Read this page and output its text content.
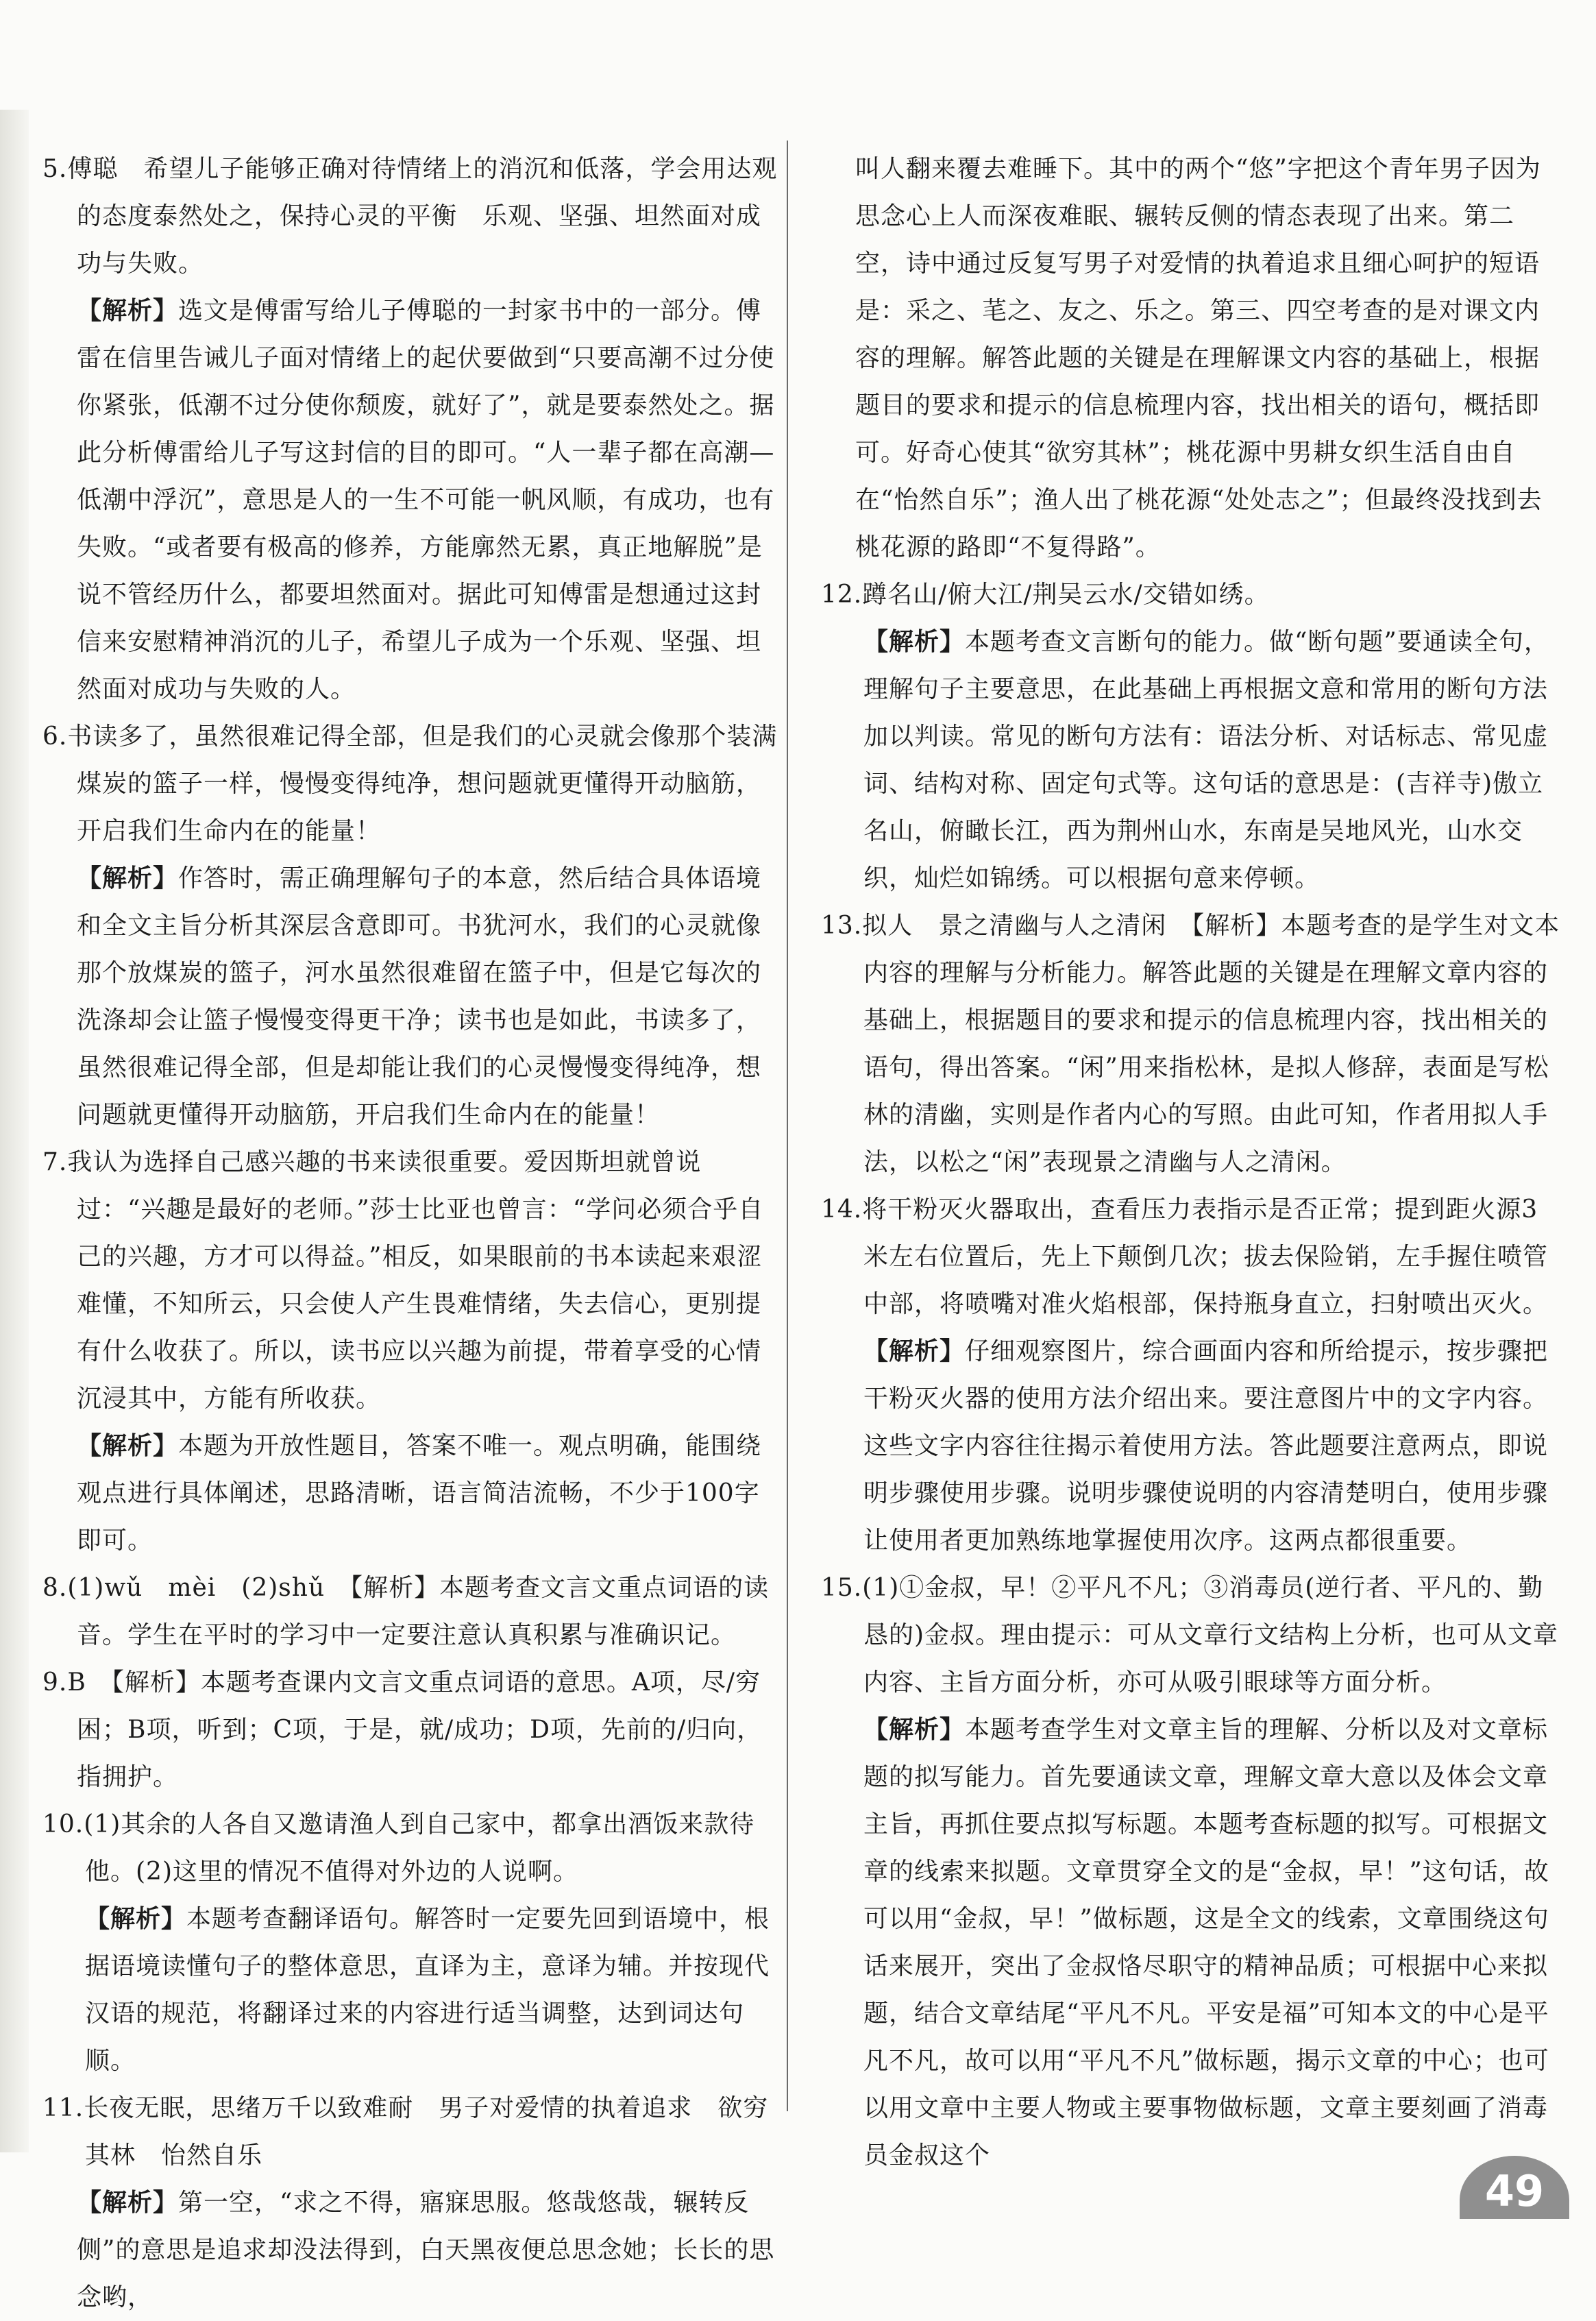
5.傅聪　希望儿子能够正确对待情绪上的消沉和低落，学会用达观的态度泰然处之，保持心灵的平衡　乐观、坚强、坦然面对成功与失败。

【解析】选文是傅雷写给儿子傅聪的一封家书中的一部分。傅雷在信里告诫儿子面对情绪上的起伏要做到“只要高潮不过分使你紧张，低潮不过分使你颓废，就好了”，就是要泰然处之。据此分析傅雷给儿子写这封信的目的即可。“人一辈子都在高潮—低潮中浮沉”，意思是人的一生不可能一帆风顺，有成功，也有失败。“或者要有极高的修养，方能廓然无累，真正地解脱”是说不管经历什么，都要坦然面对。据此可知傅雷是想通过这封信来安慰精神消沉的儿子，希望儿子成为一个乐观、坚强、坦然面对成功与失败的人。

6.书读多了，虽然很难记得全部，但是我们的心灵就会像那个装满煤炭的篮子一样，慢慢变得纯净，想问题就更懂得开动脑筋，开启我们生命内在的能量！

【解析】作答时，需正确理解句子的本意，然后结合具体语境和全文主旨分析其深层含意即可。书犹河水，我们的心灵就像那个放煤炭的篮子，河水虽然很难留在篮子中，但是它每次的洗涤却会让篮子慢慢变得更干净；读书也是如此，书读多了，虽然很难记得全部，但是却能让我们的心灵慢慢变得纯净，想问题就更懂得开动脑筋，开启我们生命内在的能量！

7.我认为选择自己感兴趣的书来读很重要。爱因斯坦就曾说过：“兴趣是最好的老师。”莎士比亚也曾言：“学问必须合乎自己的兴趣，方才可以得益。”相反，如果眼前的书本读起来艰涩难懂，不知所云，只会使人产生畏难情绪，失去信心，更别提有什么收获了。所以，读书应以兴趣为前提，带着享受的心情沉浸其中，方能有所收获。

【解析】本题为开放性题目，答案不唯一。观点明确，能围绕观点进行具体阐述，思路清晰，语言简洁流畅，不少于100字即可。

8.(1)wǔ　mèi　(2)shǔ　【解析】本题考查文言文重点词语的读音。学生在平时的学习中一定要注意认真积累与准确识记。

9.B　【解析】本题考查课内文言文重点词语的意思。A项，尽/穷困；B项，听到；C项，于是，就/成功；D项，先前的/归向，指拥护。

10.(1)其余的人各自又邀请渔人到自己家中，都拿出酒饭来款待他。(2)这里的情况不值得对外边的人说啊。

【解析】本题考查翻译语句。解答时一定要先回到语境中，根据语境读懂句子的整体意思，直译为主，意译为辅。并按现代汉语的规范，将翻译过来的内容进行适当调整，达到词达句顺。

11.长夜无眠，思绪万千以致难耐　男子对爱情的执着追求　欲穷其林　怡然自乐

【解析】第一空，“求之不得，寤寐思服。悠哉悠哉，辗转反侧”的意思是追求却没法得到，白天黑夜便总思念她；长长的思念哟，

叫人翻来覆去难睡下。其中的两个“悠”字把这个青年男子因为思念心上人而深夜难眠、辗转反侧的情态表现了出来。第二空，诗中通过反复写男子对爱情的执着追求且细心呵护的短语是：采之、芼之、友之、乐之。第三、四空考查的是对课文内容的理解。解答此题的关键是在理解课文内容的基础上，根据题目的要求和提示的信息梳理内容，找出相关的语句，概括即可。好奇心使其“欲穷其林”；桃花源中男耕女织生活自由自在“怡然自乐”；渔人出了桃花源“处处志之”；但最终没找到去桃花源的路即“不复得路”。

12.蹲名山/俯大江/荆吴云水/交错如绣。

【解析】本题考查文言断句的能力。做“断句题”要通读全句，理解句子主要意思，在此基础上再根据文意和常用的断句方法加以判读。常见的断句方法有：语法分析、对话标志、常见虚词、结构对称、固定句式等。这句话的意思是：(吉祥寺)傲立名山，俯瞰长江，西为荆州山水，东南是吴地风光，山水交织，灿烂如锦绣。可以根据句意来停顿。

13.拟人　景之清幽与人之清闲　【解析】本题考查的是学生对文本内容的理解与分析能力。解答此题的关键是在理解文章内容的基础上，根据题目的要求和提示的信息梳理内容，找出相关的语句，得出答案。“闲”用来指松林，是拟人修辞，表面是写松林的清幽，实则是作者内心的写照。由此可知，作者用拟人手法，以松之“闲”表现景之清幽与人之清闲。

14.将干粉灭火器取出，查看压力表指示是否正常；提到距火源3米左右位置后，先上下颠倒几次；拔去保险销，左手握住喷管中部，将喷嘴对准火焰根部，保持瓶身直立，扫射喷出灭火。

【解析】仔细观察图片，综合画面内容和所给提示，按步骤把干粉灭火器的使用方法介绍出来。要注意图片中的文字内容。这些文字内容往往揭示着使用方法。答此题要注意两点，即说明步骤使用步骤。说明步骤使说明的内容清楚明白，使用步骤让使用者更加熟练地掌握使用次序。这两点都很重要。

15.(1)①金叔，早！②平凡不凡；③消毒员(逆行者、平凡的、勤恳的)金叔。理由提示：可从文章行文结构上分析，也可从文章内容、主旨方面分析，亦可从吸引眼球等方面分析。

【解析】本题考查学生对文章主旨的理解、分析以及对文章标题的拟写能力。首先要通读文章，理解文章大意以及体会文章主旨，再抓住要点拟写标题。本题考查标题的拟写。可根据文章的线索来拟题。文章贯穿全文的是“金叔，早！”这句话，故可以用“金叔，早！”做标题，这是全文的线索，文章围绕这句话来展开，突出了金叔恪尽职守的精神品质；可根据中心来拟题，结合文章结尾“平凡不凡。平安是福”可知本文的中心是平凡不凡，故可以用“平凡不凡”做标题，揭示文章的中心；也可以用文章中主要人物或主要事物做标题，文章主要刻画了消毒员金叔这个

49
